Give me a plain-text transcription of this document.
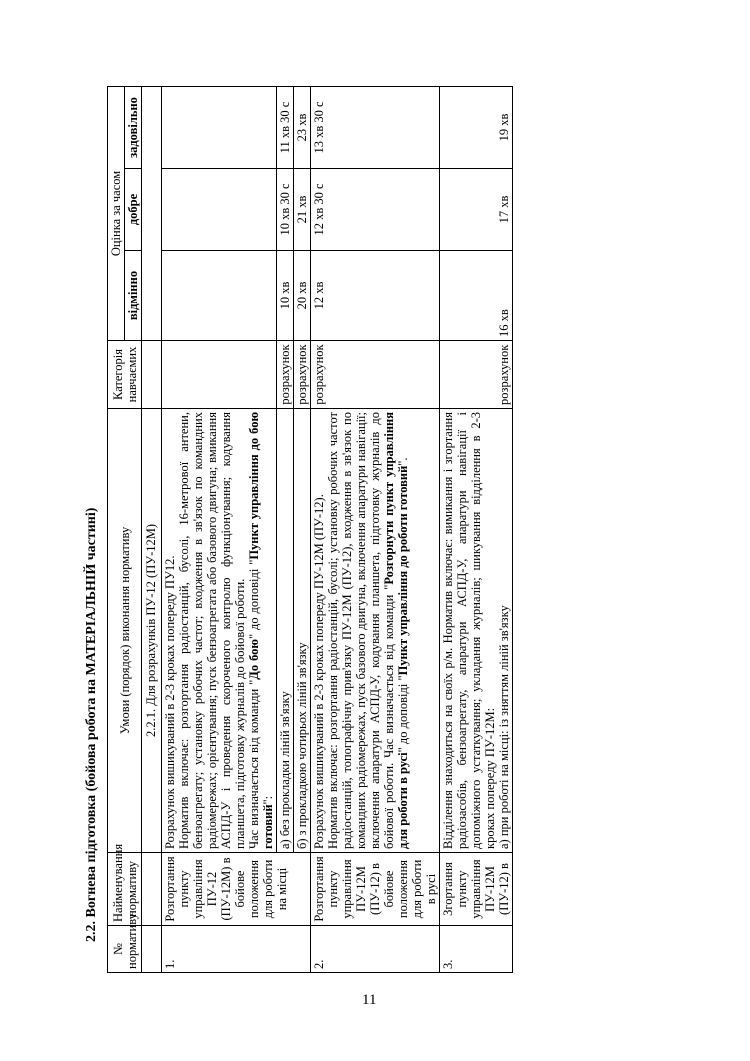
2.2. Вогнева підготовка (бойова робота на МАТЕРІАЛЬНІЙ частині)
№ нормативу	Найменування нормативу	Умови (порядок) виконання нормативу	Категорія навчаємих	Оцінка за часом		
				відмінно	добре	задовільно
		2.2.1. Для розрахунків ПУ-12 (ПУ-12М)				
1.	Розгортання пункту управління ПУ-12 (ПУ-12М) в бойове положення для роботи на місці	Розрахунок вишикуваний в 2-3 кроках попереду ПУ12. Норматив включає: розгортання радіостанцій, бусолі, 16-метрової антени, бензоагрегату; установку робочих частот; входження в зв'язок по командних радіомережах; орієнтування; пуск бензоагрегата або базового двигуна; вмикання АСПД-У і проведення скороченого контролю функціонування; кодування планшета, підготовку журналів до бойової роботи. Час визначається від команди "До бою" до доповіді "Пункт управління до бою готовий":				

		а) без прокладки ліній зв'язку	розрахунок	10 хв	10 хв 30 с	11 хв 30 с
		б) з прокладкою чотирьох ліній зв'язку	розрахунок	20 хв	21 хв	23 хв
2.	Розгортання пункту управління ПУ-12М (ПУ-12) в бойове положення для роботи в русі	Розрахунок вишикуваний в 2-3 кроках попереду ПУ-12М (ПУ-12). Норматив включає: розгортання радіостанцій, бусолі; установку робочих частот радіостанцій, топографічну прив'язку ПУ-12М (ПУ-12), входження в зв'язок по командних радіомережах, пуск базового двигуна, включення апаратури навігації; включення апаратури АСПД-У, кодування планшета, підготовку журналів до бойової роботи. Час визначається від команди "Розгорнути пункт управління для роботи в русі" до доповіді "Пункт управління до роботи готовий".	розрахунок	12 хв	12 хв 30 с	13 хв 30 с
3.	Згортання пункту управління ПУ-12М (ПУ-12) в	Відділення знаходиться на своїх р/м. Норматив включає: вимикання і згортання радіозасобів, бензоагрегату, апаратури АСПД-У, апаратури навігації і допоміжного устаткування; укладання журналів; шикування відділення в 2-3 кроках попереду ПУ-12М: а) при роботі на місці: із зняттям ліній зв'язку	розрахунок	16 хв	17 хв	19 хв
11
